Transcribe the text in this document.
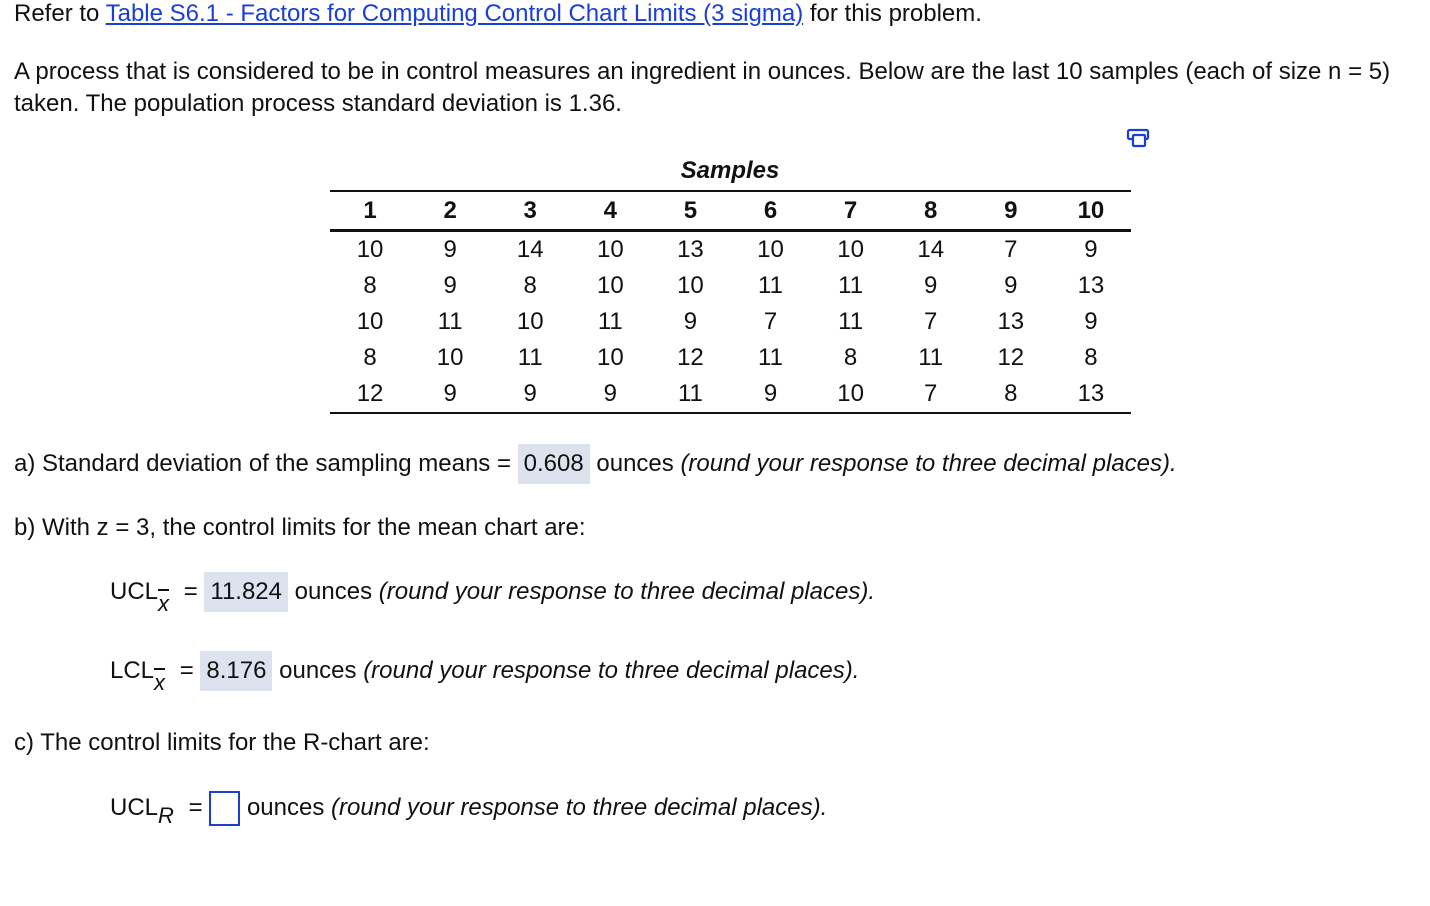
Refer to Table S6.1 - Factors for Computing Control Chart Limits (3 sigma) for this problem.
A process that is considered to be in control measures an ingredient in ounces. Below are the last 10 samples (each of size n = 5) taken. The population process standard deviation is 1.36.
Samples
1	2	3	4	5	6	7	8	9	10
10	9	14	10	13	10	10	14	7	9
8	9	8	10	10	11	11	9	9	13
10	11	10	11	9	7	11	7	13	9
8	10	11	10	12	11	8	11	12	8
12	9	9	9	11	9	10	7	8	13
a) Standard deviation of the sampling means = 0.608 ounces (round your response to three decimal places).
b) With z = 3, the control limits for the mean chart are:
$UCL\overline{x} = 11.824$ ounces (round your response to three decimal places).
$LCL\overline{x} = 8.176$ ounces (round your response to three decimal places).
c) The control limits for the R-chart are:
UCLR = ounces (round your response to three decimal places).
